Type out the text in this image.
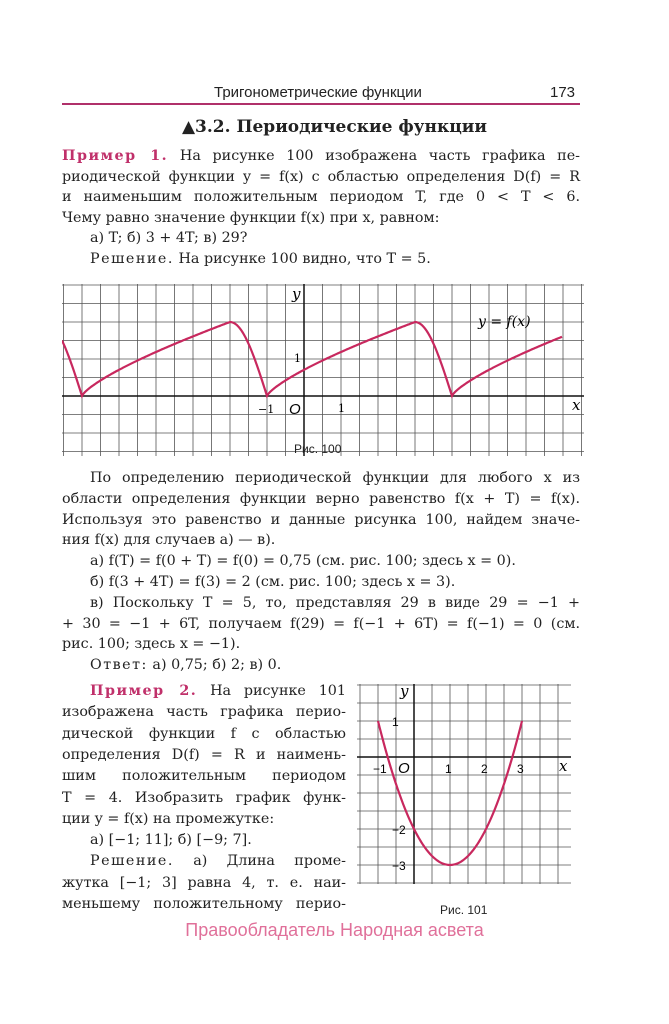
Тригонометрические функции	173
▲3.2. Периодические функции
Пример 1. На рисунке 100 изображена часть графика пе-
риодической функции y = f(x) с областью определения D(f) = R
и наименьшим положительным периодом T, где 0 < T < 6.
Чему равно значение функции f(x) при x, равном:
а) T; б) 3 + 4T; в) 29?
Решение. На рисунке 100 видно, что T = 5.
O	1
−1
1
x
y
y = f(x)
Рис. 100
По определению периодической функции для любого x из
области определения функции верно равенство f(x + T) = f(x).
Используя это равенство и данные рисунка 100, найдем значе-
ния f(x) для случаев а) — в).
а) f(T) = f(0 + T) = f(0) = 0,75 (см. рис. 100; здесь x = 0).
б) f(3 + 4T) = f(3) = 2 (см. рис. 100; здесь x = 3).
в) Поскольку T = 5, то, представляя 29 в виде 29 = −1 +
+ 30 = −1 + 6T, получаем f(29) = f(−1 + 6T) = f(−1) = 0 (см.
рис. 100; здесь x = −1).
Ответ: а) 0,75; б) 2; в) 0.
Пример 2. На рисунке 101
изображена часть графика перио-
дической функции f с областью
определения D(f) = R и наимень-
шим положительным периодом
T = 4. Изобразить график функ-
ции y = f(x) на промежутке:
а) [−1; 11]; б) [−9; 7].
Решение. а) Длина проме-
жутка [−1; 3] равна 4, т. е. наи-
меньшему положительному перио-
−1	1 2 3
1
−2
−3
O	x
y
Рис. 101
Правообладатель Народная асвета
